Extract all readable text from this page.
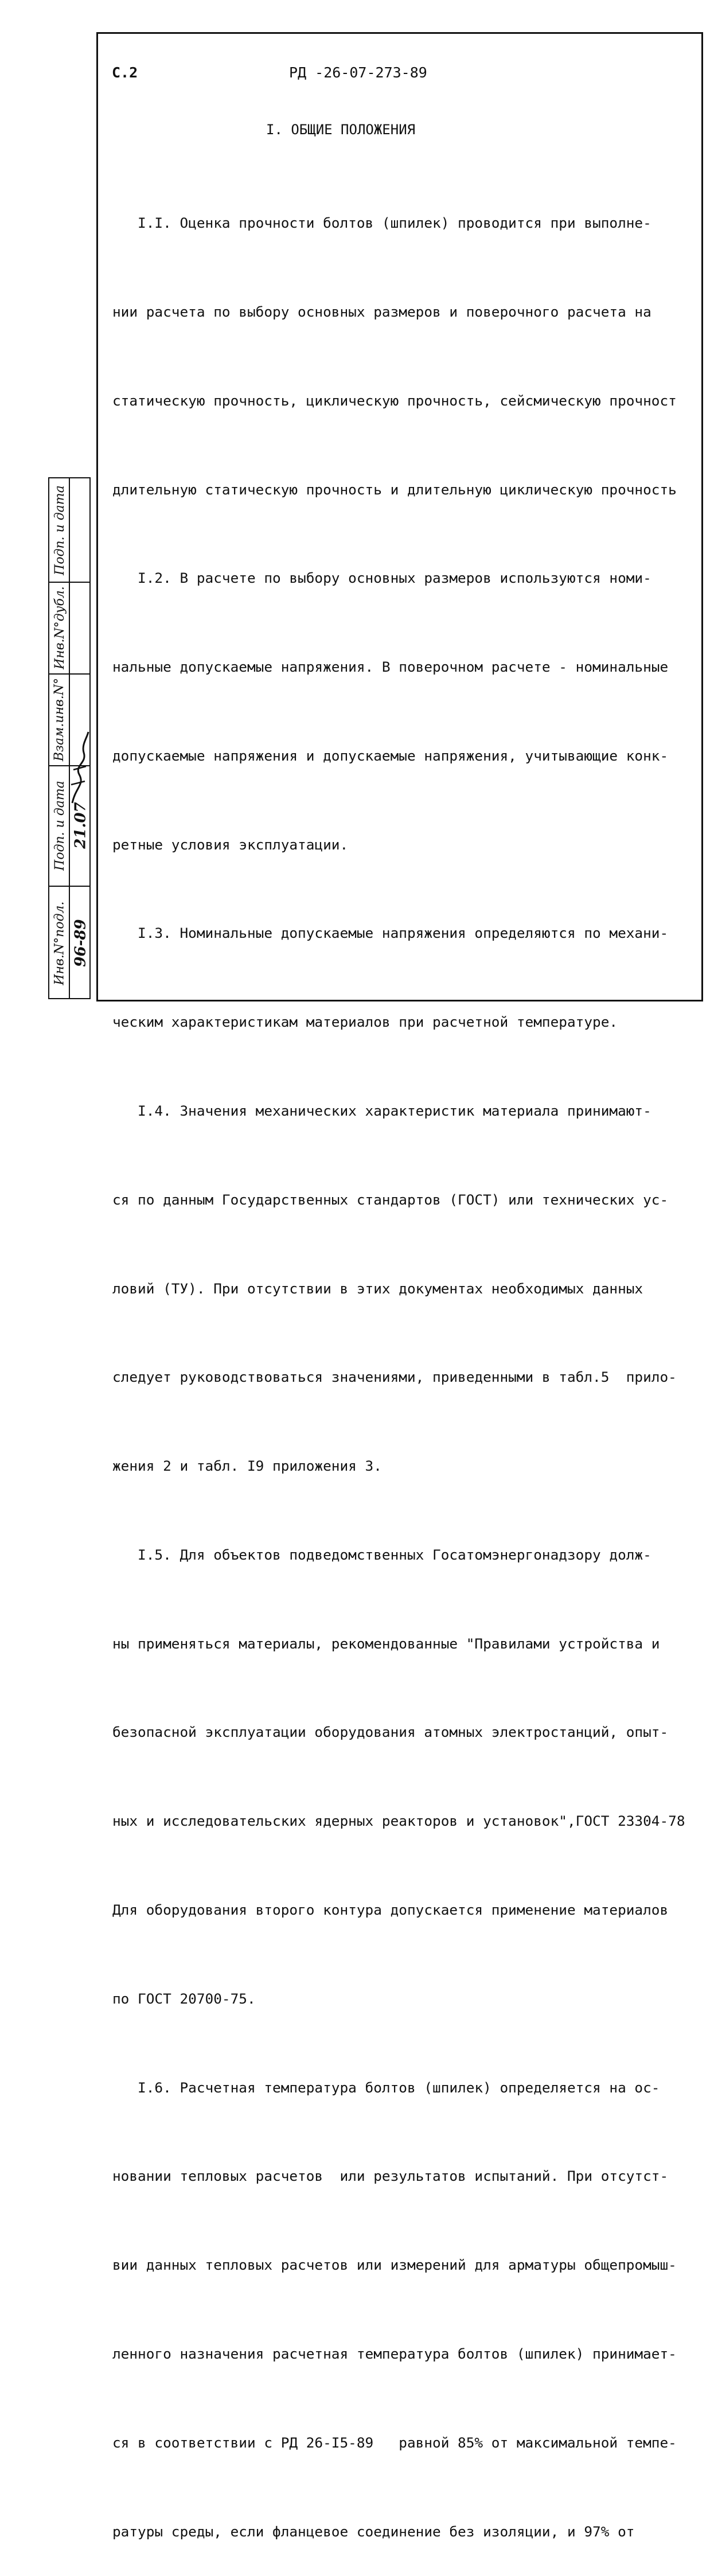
С.2	РД -26-07-273-89
I. ОБЩИЕ ПОЛОЖЕНИЯ

I.I. Оценка прочности болтов (шпилек) проводится при выполне-

нии расчета по выбору основных размеров и поверочного расчета на

статическую прочность, циклическую прочность, сейсмическую прочност

длительную статическую прочность и длительную циклическую прочность

I.2. В расчете по выбору основных размеров используются номи-

нальные допускаемые напряжения. В поверочном расчете - номинальные

допускаемые напряжения и допускаемые напряжения, учитывающие конк-

ретные условия эксплуатации.

I.3. Номинальные допускаемые напряжения определяются по механи-

ческим характеристикам материалов при расчетной температуре.

I.4. Значения механических характеристик материала принимают-

ся по данным Государственных стандартов (ГОСТ) или технических ус-

ловий (ТУ). При отсутствии в этих документах необходимых данных

следует руководствоваться значениями, приведенными в табл.5  прило-

жения 2 и табл. I9 приложения 3.

I.5. Для объектов подведомственных Госатомэнергонадзору долж-

ны применяться материалы, рекомендованные "Правилами устройства и

безопасной эксплуатации оборудования атомных электростанций, опыт-

ных и исследовательских ядерных реакторов и установок",ГОСТ 23304-78

Для оборудования второго контура допускается применение материалов

по ГОСТ 20700-75.

I.6. Расчетная температура болтов (шпилек) определяется на ос-

новании тепловых расчетов  или результатов испытаний. При отсутст-

вии данных тепловых расчетов или измерений для арматуры общепромыш-

ленного назначения расчетная температура болтов (шпилек) принимает-

ся в соответствии с РД 26-I5-89   равной 85% от максимальной темпе-

ратуры среды, если фланцевое соединение без изоляции, и 97% от

Подп. и дата
Инв.N°дубл.
Взам.инв.N°
Подп. и дата
Инв.N°подл.
21.07
96-89
